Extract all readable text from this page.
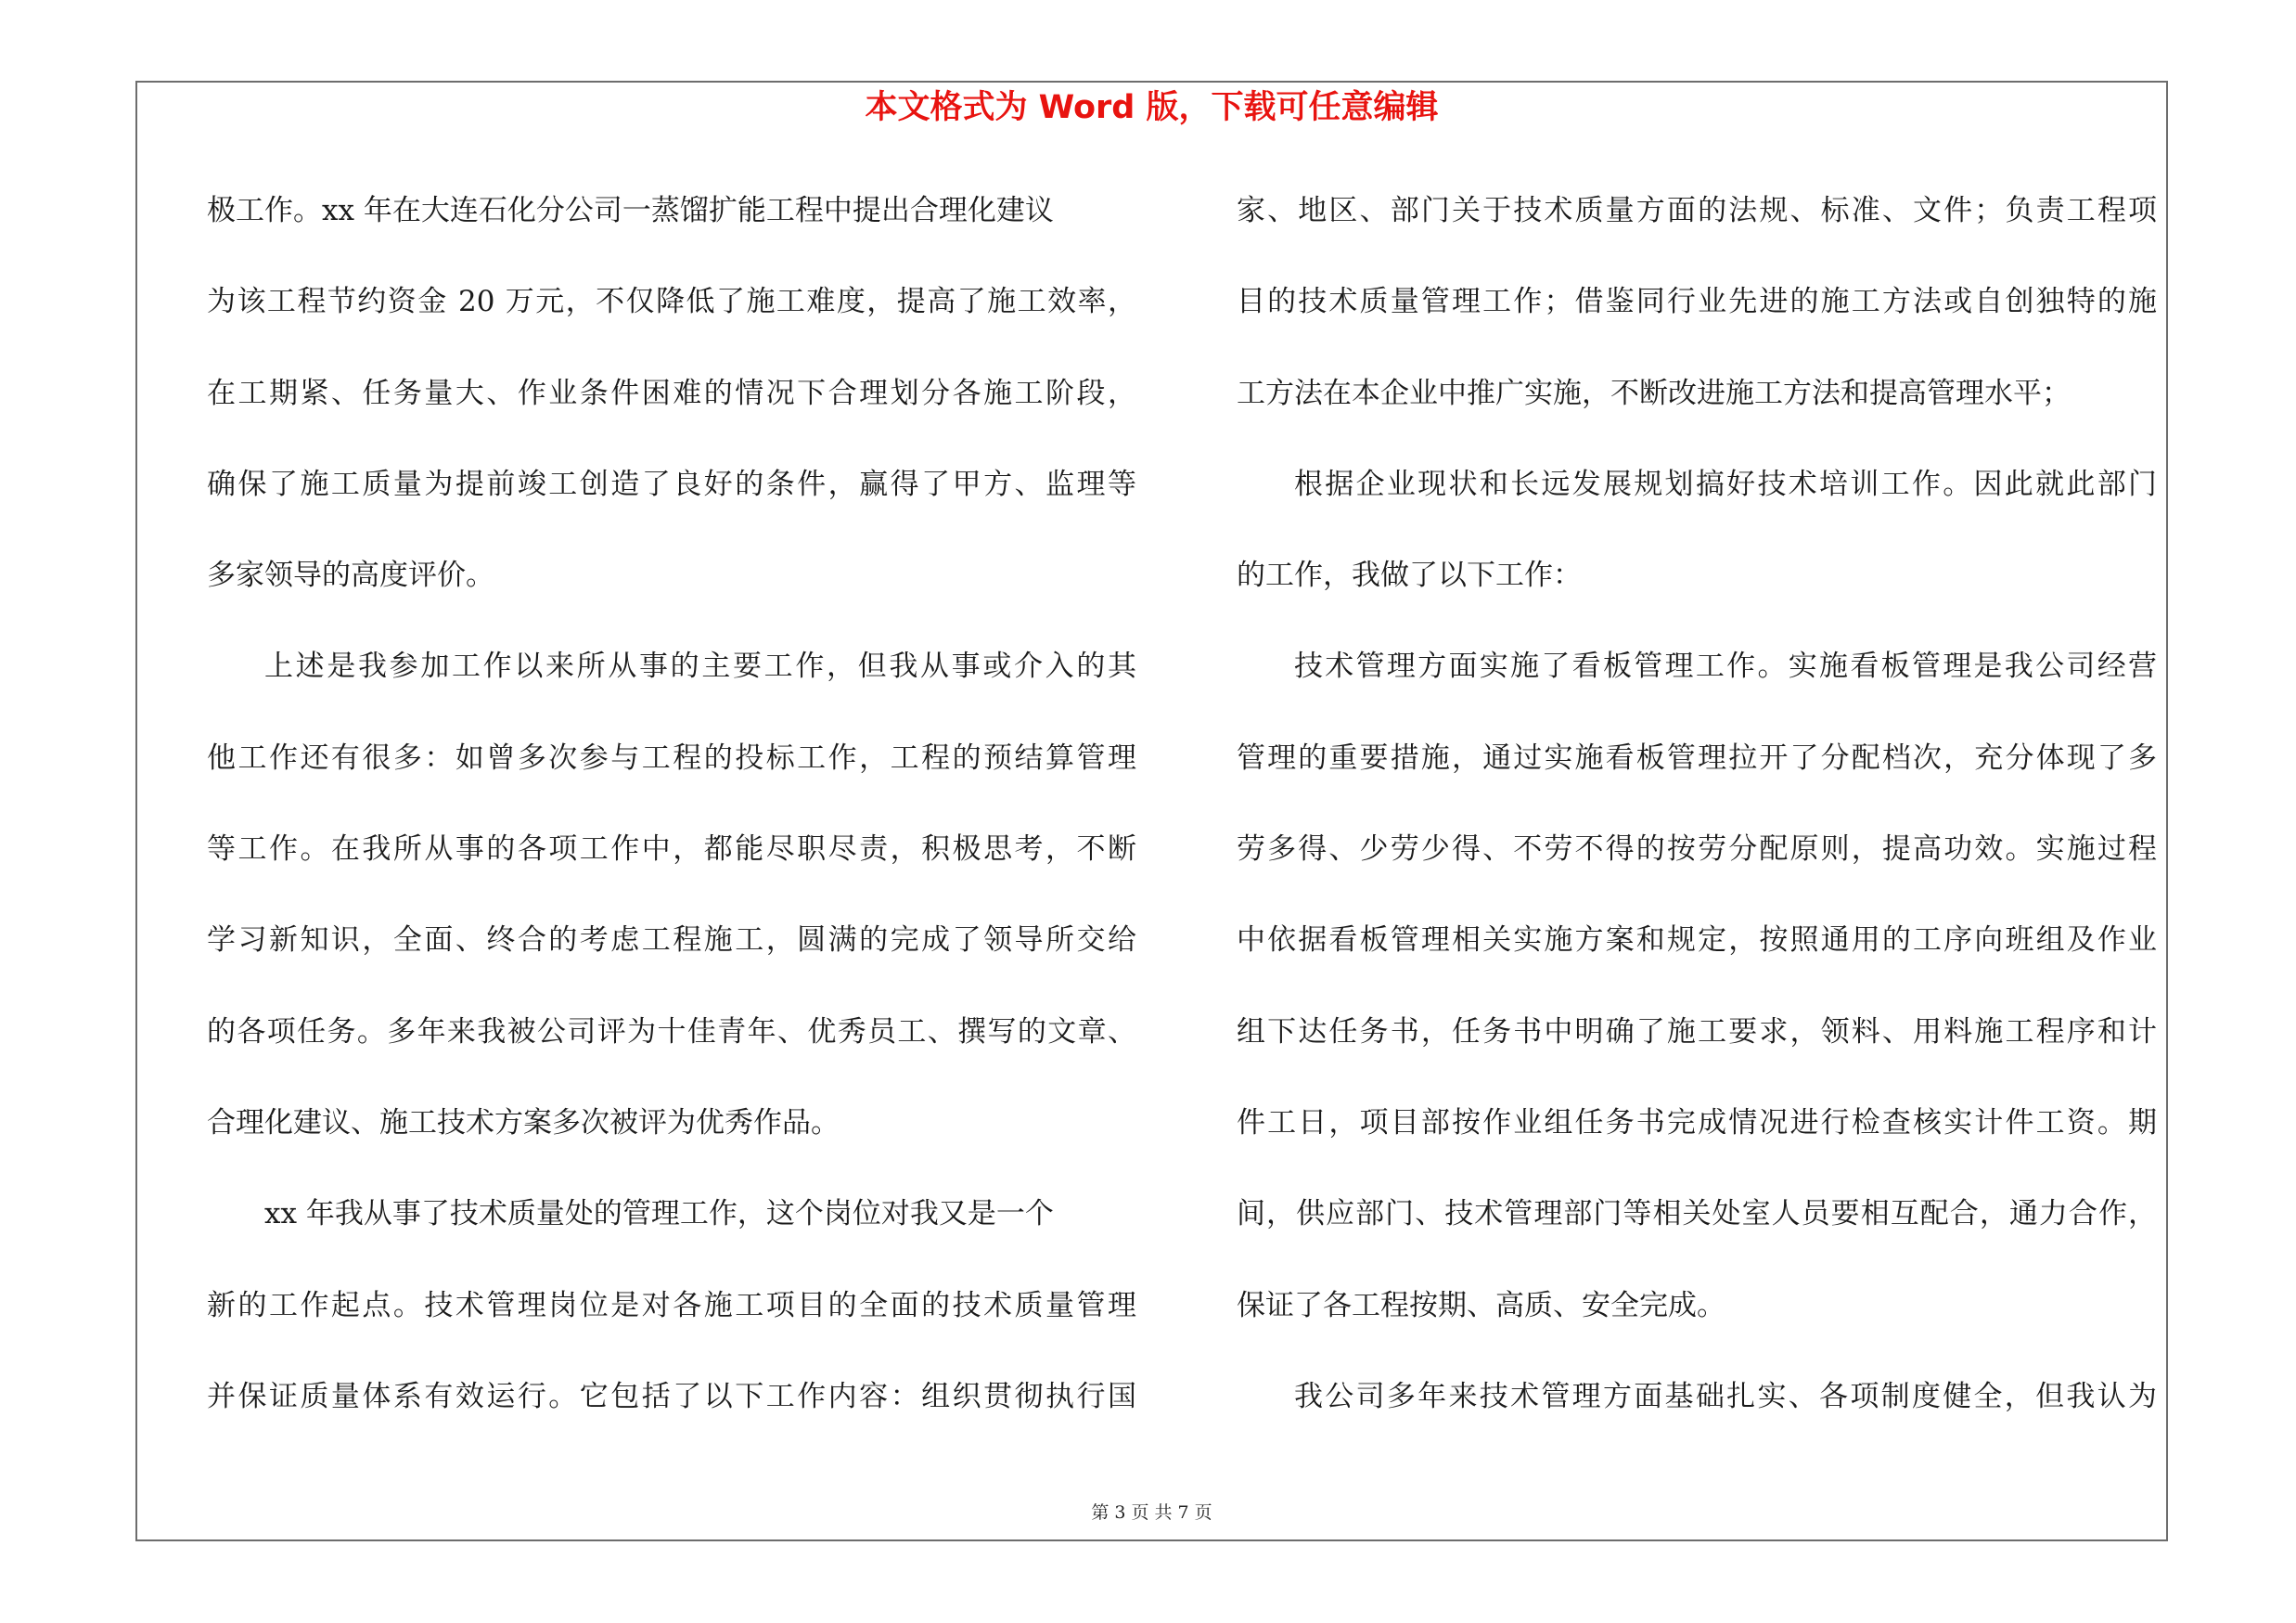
本文格式为 Word 版，下载可任意编辑
极工作。xx 年在大连石化分公司一蒸馏扩能工程中提出合理化建议
为该工程节约资金 20 万元，不仅降低了施工难度，提高了施工效率，
在工期紧、任务量大、作业条件困难的情况下合理划分各施工阶段，
确保了施工质量为提前竣工创造了良好的条件，赢得了甲方、监理等
多家领导的高度评价。
上述是我参加工作以来所从事的主要工作，但我从事或介入的其
他工作还有很多：如曾多次参与工程的投标工作，工程的预结算管理
等工作。在我所从事的各项工作中，都能尽职尽责，积极思考，不断
学习新知识，全面、终合的考虑工程施工，圆满的完成了领导所交给
的各项任务。多年来我被公司评为十佳青年、优秀员工、撰写的文章、
合理化建议、施工技术方案多次被评为优秀作品。
xx 年我从事了技术质量处的管理工作，这个岗位对我又是一个
新的工作起点。技术管理岗位是对各施工项目的全面的技术质量管理
并保证质量体系有效运行。它包括了以下工作内容：组织贯彻执行国
家、地区、部门关于技术质量方面的法规、标准、文件；负责工程项
目的技术质量管理工作；借鉴同行业先进的施工方法或自创独特的施
工方法在本企业中推广实施，不断改进施工方法和提高管理水平；
根据企业现状和长远发展规划搞好技术培训工作。因此就此部门
的工作，我做了以下工作：
技术管理方面实施了看板管理工作。实施看板管理是我公司经营
管理的重要措施，通过实施看板管理拉开了分配档次，充分体现了多
劳多得、少劳少得、不劳不得的按劳分配原则，提高功效。实施过程
中依据看板管理相关实施方案和规定，按照通用的工序向班组及作业
组下达任务书，任务书中明确了施工要求，领料、用料施工程序和计
件工日，项目部按作业组任务书完成情况进行检查核实计件工资。期
间，供应部门、技术管理部门等相关处室人员要相互配合，通力合作，
保证了各工程按期、高质、安全完成。
我公司多年来技术管理方面基础扎实、各项制度健全，但我认为
第 3 页 共 7 页
